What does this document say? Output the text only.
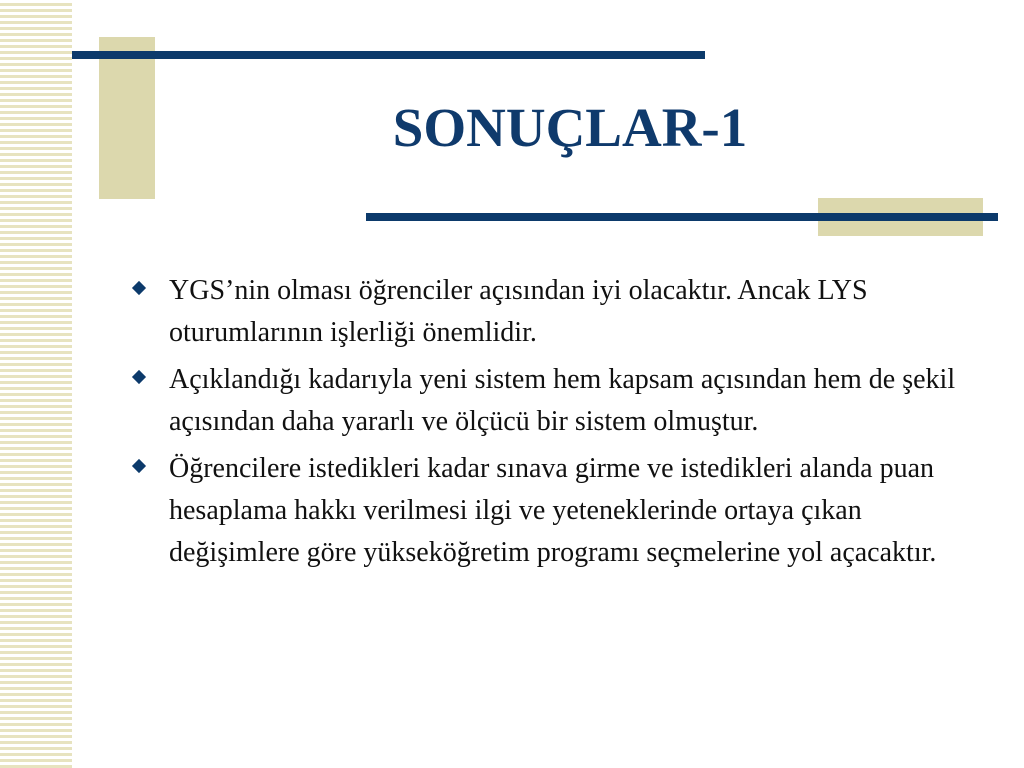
SONUÇLAR-1
YGS’nin olması öğrenciler açısından iyi olacaktır. Ancak LYS oturumlarının işlerliği önemlidir.
Açıklandığı kadarıyla yeni sistem hem kapsam açısından hem de şekil açısından daha yararlı ve ölçücü bir sistem olmuştur.
Öğrencilere istedikleri kadar sınava girme ve istedikleri alanda puan hesaplama hakkı verilmesi ilgi ve yeteneklerinde ortaya çıkan değişimlere göre yükseköğretim programı seçmelerine yol açacaktır.
